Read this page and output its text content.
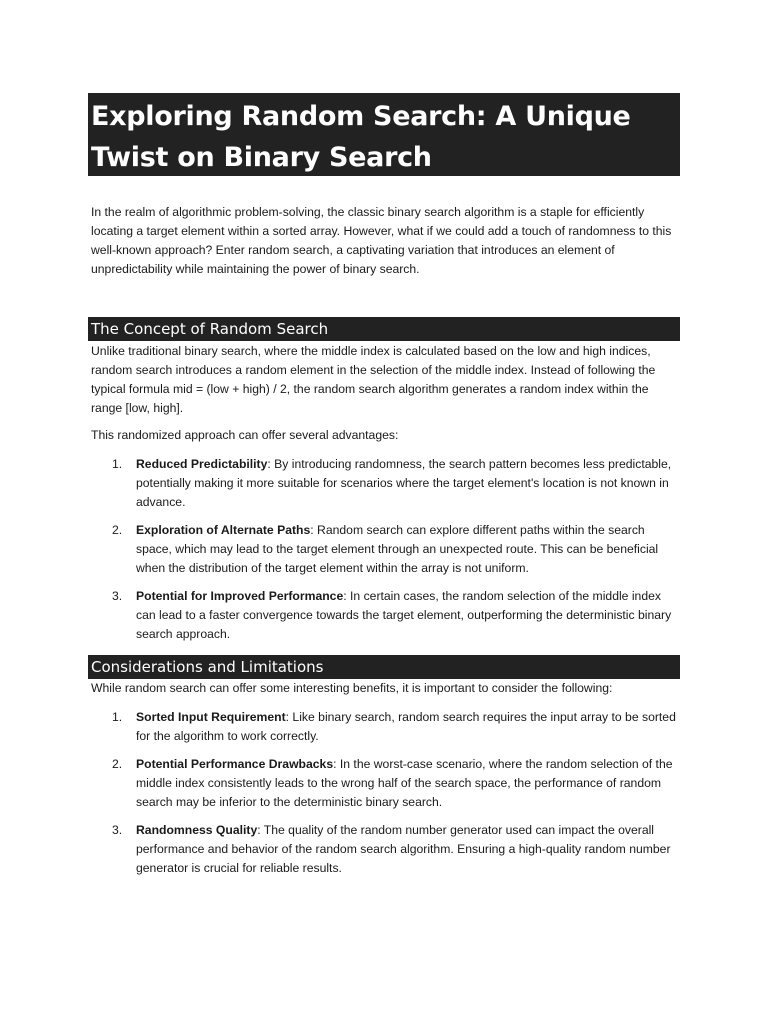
Exploring Random Search: A Unique Twist on Binary Search

In the realm of algorithmic problem-solving, the classic binary search algorithm is a staple for efficiently locating a target element within a sorted array. However, what if we could add a touch of randomness to this well-known approach? Enter random search, a captivating variation that introduces an element of unpredictability while maintaining the power of binary search.

The Concept of Random Search

Unlike traditional binary search, where the middle index is calculated based on the low and high indices, random search introduces a random element in the selection of the middle index. Instead of following the typical formula mid = (low + high) / 2, the random search algorithm generates a random index within the range [low, high].

This randomized approach can offer several advantages:

1. Reduced Predictability: By introducing randomness, the search pattern becomes less predictable, potentially making it more suitable for scenarios where the target element's location is not known in advance.
2. Exploration of Alternate Paths: Random search can explore different paths within the search space, which may lead to the target element through an unexpected route. This can be beneficial when the distribution of the target element within the array is not uniform.
3. Potential for Improved Performance: In certain cases, the random selection of the middle index can lead to a faster convergence towards the target element, outperforming the deterministic binary search approach.
Considerations and Limitations

While random search can offer some interesting benefits, it is important to consider the following:

1. Sorted Input Requirement: Like binary search, random search requires the input array to be sorted for the algorithm to work correctly.
2. Potential Performance Drawbacks: In the worst-case scenario, where the random selection of the middle index consistently leads to the wrong half of the search space, the performance of random search may be inferior to the deterministic binary search.
3. Randomness Quality: The quality of the random number generator used can impact the overall performance and behavior of the random search algorithm. Ensuring a high-quality random number generator is crucial for reliable results.
